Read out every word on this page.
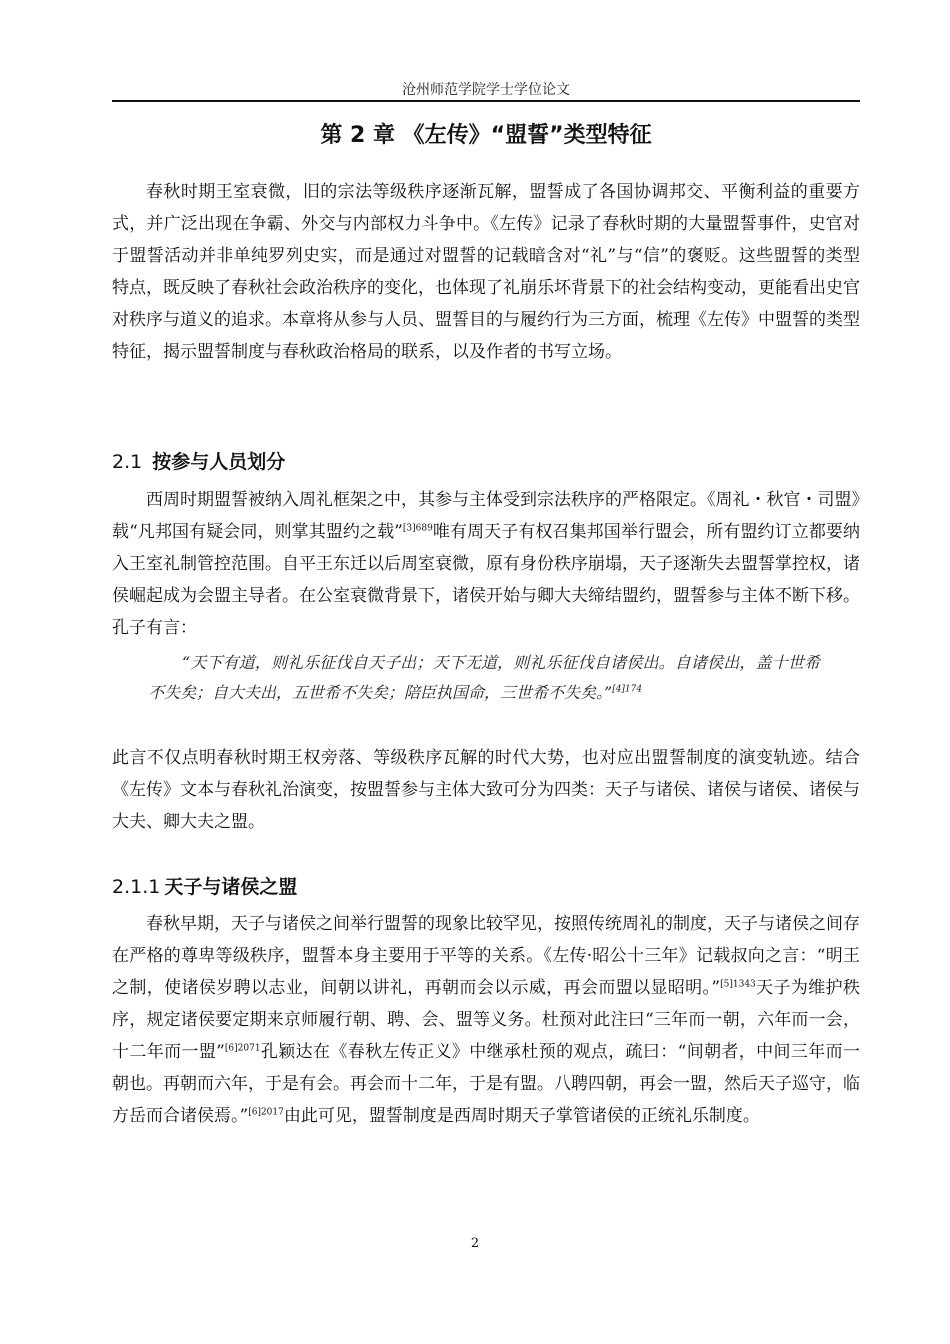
沧州师范学院学士学位论文
第 2 章 《左传》“盟誓”类型特征

春秋时期王室衰微，旧的宗法等级秩序逐渐瓦解，盟誓成了各国协调邦交、平衡利益的重要方式，并广泛出现在争霸、外交与内部权力斗争中。《左传》记录了春秋时期的大量盟誓事件，史官对于盟誓活动并非单纯罗列史实，而是通过对盟誓的记载暗含对“礼”与“信”的褒贬。这些盟誓的类型特点，既反映了春秋社会政治秩序的变化，也体现了礼崩乐坏背景下的社会结构变动，更能看出史官对秩序与道义的追求。本章将从参与人员、盟誓目的与履约行为三方面，梳理《左传》中盟誓的类型特征，揭示盟誓制度与春秋政治格局的联系，以及作者的书写立场。

2.1 按参与人员划分

西周时期盟誓被纳入周礼框架之中，其参与主体受到宗法秩序的严格限定。《周礼・秋官・司盟》载“凡邦国有疑会同，则掌其盟约之载”$^{[3]689}$唯有周天子有权召集邦国举行盟会，所有盟约订立都要纳入王室礼制管控范围。自平王东迁以后周室衰微，原有身份秩序崩塌，天子逐渐失去盟誓掌控权，诸侯崛起成为会盟主导者。在公室衰微背景下，诸侯开始与卿大夫缔结盟约，盟誓参与主体不断下移。 孔子有言：

“天下有道，则礼乐征伐自天子出；天下无道，则礼乐征伐自诸侯出。自诸侯出，盖十世希不失矣；自大夫出，五世希不失矣；陪臣执国命，三世希不失矣。”$^{[4]174}$

此言不仅点明春秋时期王权旁落、等级秩序瓦解的时代大势，也对应出盟誓制度的演变轨迹。结合《左传》文本与春秋礼治演变，按盟誓参与主体大致可分为四类：天子与诸侯、诸侯与诸侯、诸侯与大夫、卿大夫之盟。

2.1.1 天子与诸侯之盟

春秋早期，天子与诸侯之间举行盟誓的现象比较罕见，按照传统周礼的制度，天子与诸侯之间存在严格的尊卑等级秩序，盟誓本身主要用于平等的关系。《左传·昭公十三年》记载叔向之言：“明王之制，使诸侯岁聘以志业，间朝以讲礼，再朝而会以示威，再会而盟以显昭明。”$^{[5]1343}$天子为维护秩序，规定诸侯要定期来京师履行朝、聘、会、盟等义务。杜预对此注曰“三年而一朝，六年而一会，十二年而一盟”$^{[6]2071}$孔颖达在《春秋左传正义》中继承杜预的观点，疏曰：“间朝者，中间三年而一朝也。再朝而六年，于是有会。再会而十二年，于是有盟。八聘四朝，再会一盟，然后天子巡守，临方岳而合诸侯焉。”$^{[6]2017}$由此可见，盟誓制度是西周时期天子掌管诸侯的正统礼乐制度。

2
